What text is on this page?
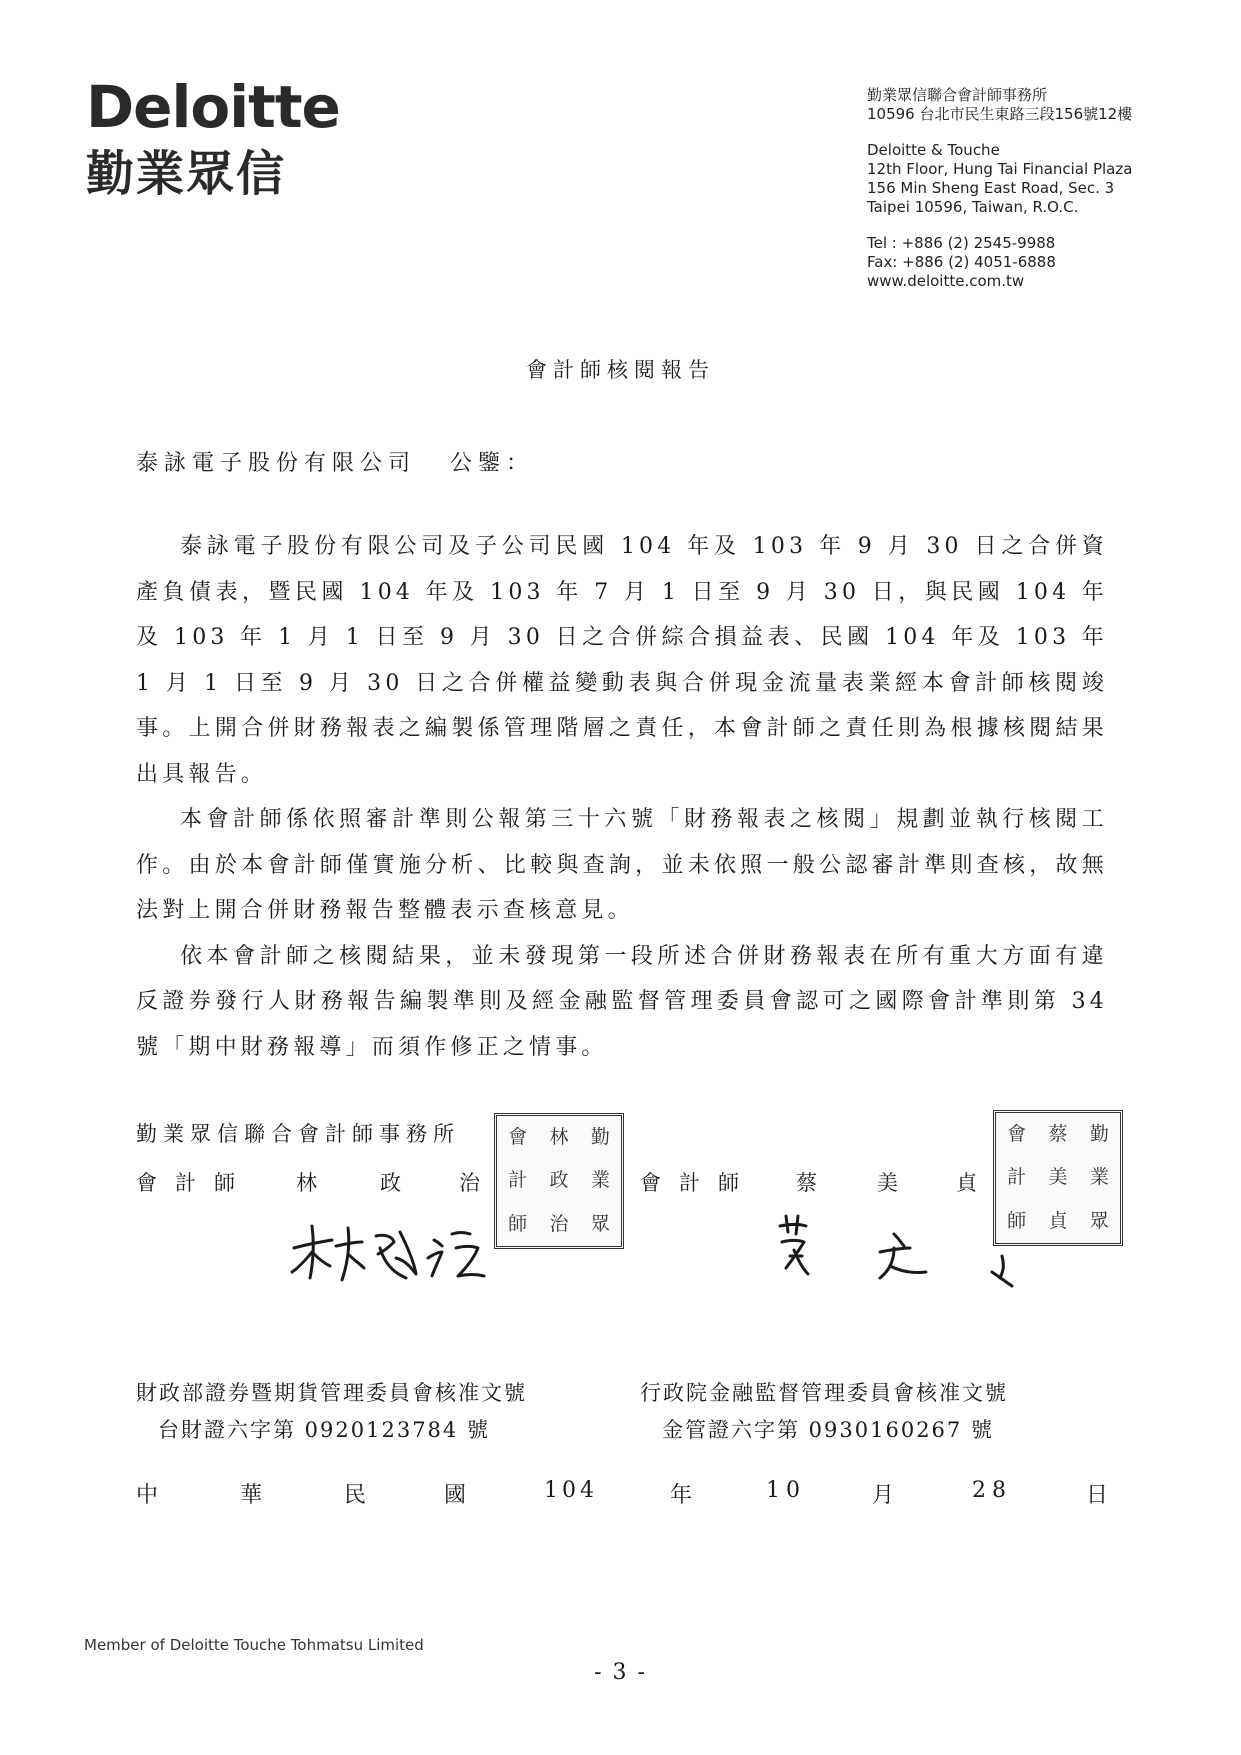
Deloitte
勤業眾信
勤業眾信聯合會計師事務所
10596 台北市民生東路三段156號12樓
Deloitte & Touche
12th Floor, Hung Tai Financial Plaza
156 Min Sheng East Road, Sec. 3
Taipei 10596, Taiwan, R.O.C.
Tel : +886 (2) 2545-9988
Fax: +886 (2) 4051-6888
www.deloitte.com.tw
會計師核閱報告
泰詠電子股份有限公司 公鑒：

泰詠電子股份有限公司及子公司民國 104 年及 103 年 9 月 30 日之合併資產負債表，暨民國 104 年及 103 年 7 月 1 日至 9 月 30 日，與民國 104 年及 103 年 1 月 1 日至 9 月 30 日之合併綜合損益表、民國 104 年及 103 年 1 月 1 日至 9 月 30 日之合併權益變動表與合併現金流量表業經本會計師核閱竣事。上開合併財務報表之編製係管理階層之責任，本會計師之責任則為根據核閱結果出具報告。

本會計師係依照審計準則公報第三十六號「財務報表之核閱」規劃並執行核閱工作。由於本會計師僅實施分析、比較與查詢，並未依照一般公認審計準則查核，故無法對上開合併財務報告整體表示查核意見。

依本會計師之核閱結果，並未發現第一段所述合併財務報表在所有重大方面有違反證券發行人財務報告編製準則及經金融監督管理委員會認可之國際會計準則第 34 號「期中財務報導」而須作修正之情事。

勤業眾信聯合會計師事務所
會計師 林	政	治	會計師 蔡	美	貞
會	林	勤
計	政	業
師	治	眾
會	蔡	勤
計	美	業
師	貞	眾
財政部證券暨期貨管理委員會核准文號
台財證六字第 0920123784 號
行政院金融監督管理委員會核准文號
金管證六字第 0930160267 號
中	華	民	國	104	年	10	月	28	日
Member of Deloitte Touche Tohmatsu Limited
- 3 -
